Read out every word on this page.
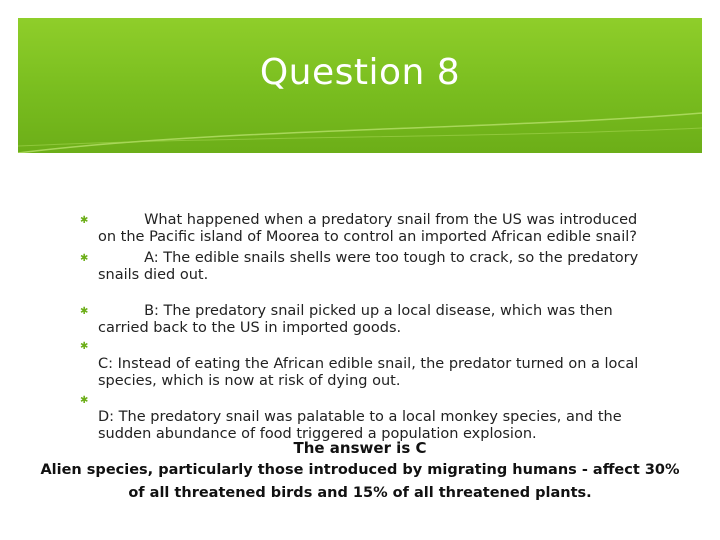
Question 8
✱ What happened when a predatory snail from the US was introduced on the Pacific island of Moorea to control an imported African edible snail?
✱ A: The edible snails shells were too tough to crack, so the predatory snails died out.
✱ B: The predatory snail picked up a local disease, which was then carried back to the US in imported goods.
✱
C: Instead of eating the African edible snail, the predator turned on a local species, which is now at risk of dying out.
✱
D: The predatory snail was palatable to a local monkey species, and the sudden abundance of food triggered a population explosion.

The answer is C

Alien species, particularly those introduced by migrating humans - affect 30% of all threatened birds and 15% of all threatened plants.
